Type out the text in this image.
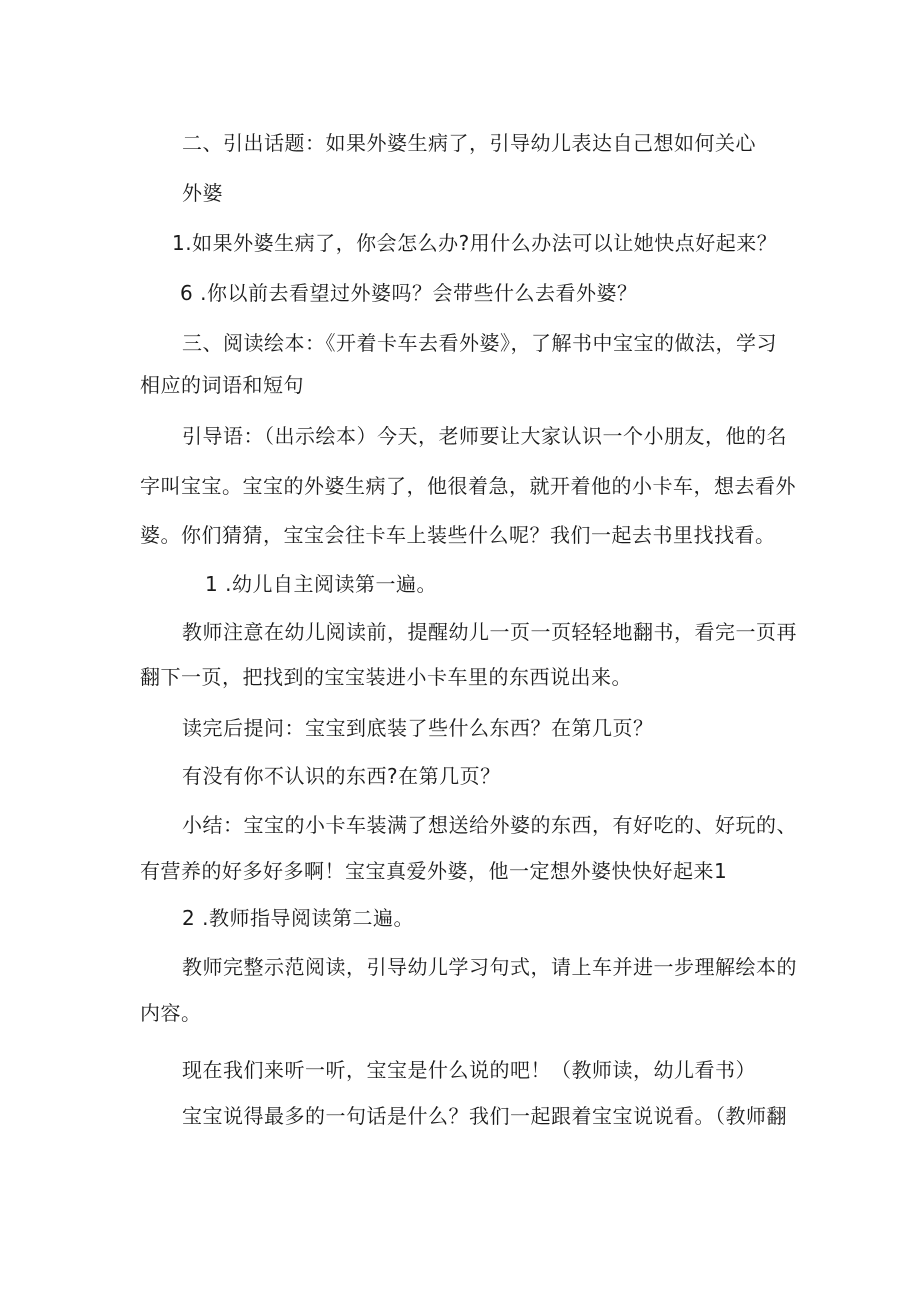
二、引出话题：如果外婆生病了，引导幼儿表达自己想如何关心

外婆

1.如果外婆生病了，你会怎么办?用什么办法可以让她快点好起来？

6 .你以前去看望过外婆吗？会带些什么去看外婆？

三、阅读绘本：《开着卡车去看外婆》，了解书中宝宝的做法，学习

相应的词语和短句

引导语：（出示绘本）今天，老师要让大家认识一个小朋友，他的名

字叫宝宝。宝宝的外婆生病了，他很着急，就开着他的小卡车，想去看外

婆。你们猜猜，宝宝会往卡车上装些什么呢？我们一起去书里找找看。

1 .幼儿自主阅读第一遍。

教师注意在幼儿阅读前，提醒幼儿一页一页轻轻地翻书，看完一页再

翻下一页，把找到的宝宝装进小卡车里的东西说出来。

读完后提问：宝宝到底装了些什么东西？在第几页？

有没有你不认识的东西?在第几页？

小结：宝宝的小卡车装满了想送给外婆的东西，有好吃的、好玩的、

有营养的好多好多啊！宝宝真爱外婆，他一定想外婆快快好起来1

2 .教师指导阅读第二遍。

教师完整示范阅读，引导幼儿学习句式，请上车并进一步理解绘本的

内容。

现在我们来听一听，宝宝是什么说的吧！（教师读，幼儿看书）

宝宝说得最多的一句话是什么？我们一起跟着宝宝说说看。（教师翻
